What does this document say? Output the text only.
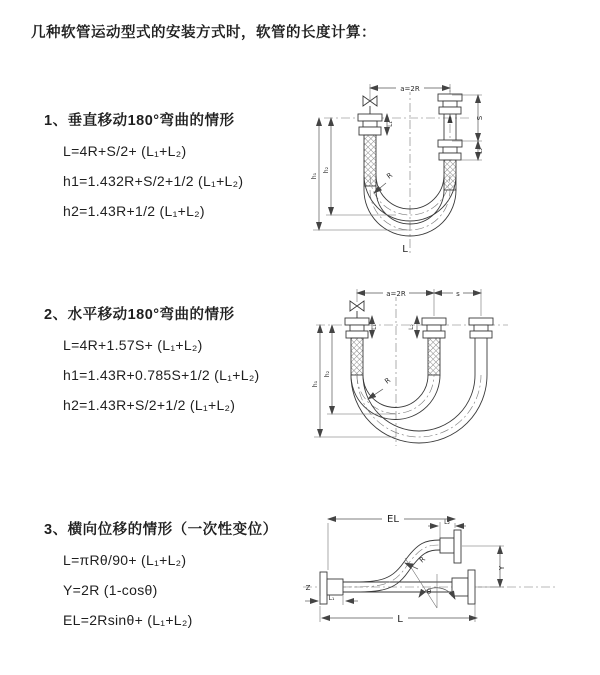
几种软管运动型式的安装方式时，软管的长度计算：

1、垂直移动180°弯曲的情形

L=4R+S/2+ (L₁+L₂)

h1=1.432R+S/2+1/2 (L₁+L₂)

h2=1.43R+1/2 (L₁+L₂)

2、水平移动180°弯曲的情形

L=4R+1.57S+ (L₁+L₂)

h1=1.43R+0.785S+1/2 (L₁+L₂)

h2=1.43R+S/2+1/2 (L₁+L₂)

3、横向位移的情形（一次性变位）

L=πRθ/90+ (L₁+L₂)

Y=2R (1-cosθ)

EL=2Rsinθ+ (L₁+L₂)

a=2R
R
h₁
h₂
L₁
S
L₂
L
a=2R	s
L₁	L₂
h₁
h₂
R
Z
L₁
EL	L₂
Y
θ
R
L
